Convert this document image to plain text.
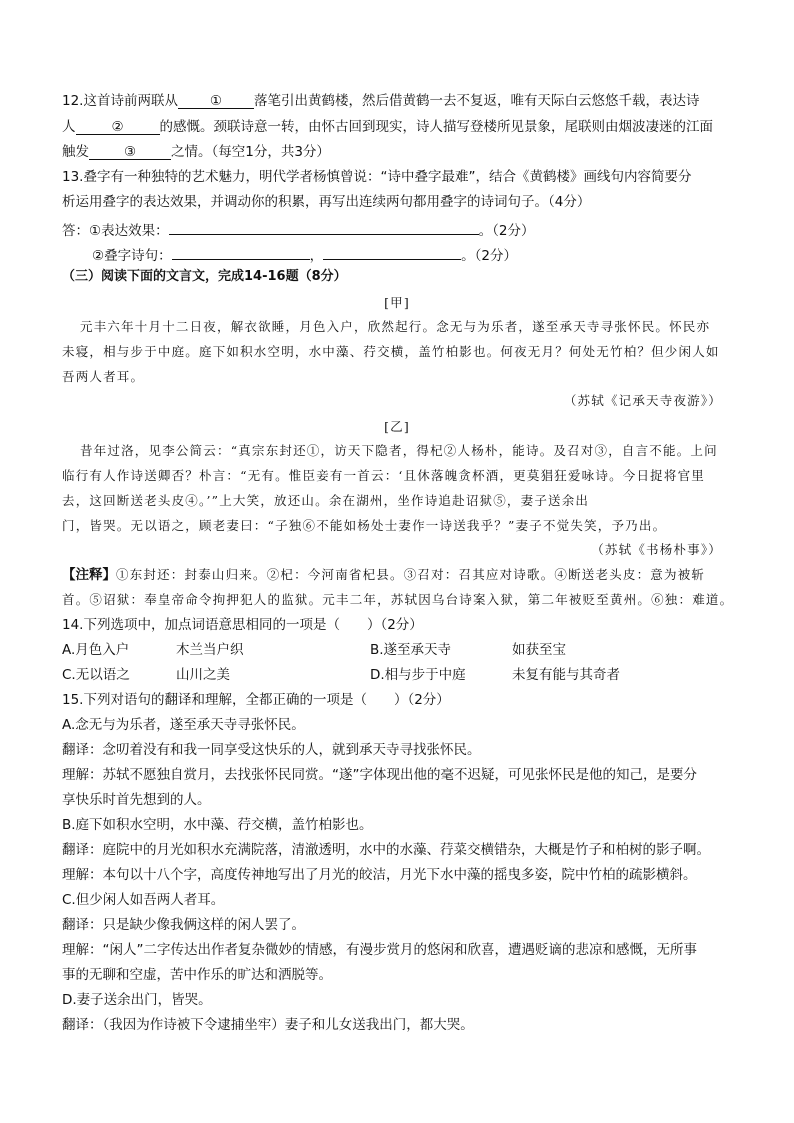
12.这首诗前两联从 ① 落笔引出黄鹤楼，然后借黄鹤一去不复返，唯有天际白云悠悠千载，表达诗
人	②	的感慨。颈联诗意一转，由怀古回到现实，诗人描写登楼所见景象，尾联则由烟波凄迷的江面
触发	③	之情。（每空1分，共3分）
13.叠字有一种独特的艺术魅力，明代学者杨慎曾说：“诗中叠字最难”，结合《黄鹤楼》画线句内容简要分
析运用叠字的表达效果，并调动你的积累，再写出连续两句都用叠字的诗词句子。（4分）
答：①表达效果：	。（2分）
②叠字诗句：	，	。（2分）
（三）阅读下面的文言文，完成14-16题（8分）
[甲]
元丰六年十月十二日夜，解衣欲睡，月色入户，欣然起行。念无与为乐者，遂至承天寺寻张怀民。怀民亦
未寝，相与步于中庭。庭下如积水空明，水中藻、荇交横，盖竹柏影也。何夜无月？何处无竹柏？但少闲人如
吾两人者耳。
（苏轼《记承天寺夜游》）
[乙]
昔年过洛，见李公简云：“真宗东封还①，访天下隐者，得杞②人杨朴，能诗。及召对③，自言不能。上问
临行有人作诗送卿否？朴言：“无有。惟臣妾有一首云：‘且休落魄贪杯酒，更莫猖狂爱咏诗。今日捉将官里
去，这回断送老头皮④。’”上大笑，放还山。余在湖州，坐作诗追赴诏狱⑤，妻子送余出
门，皆哭。无以语之，顾老妻曰：“子独⑥不能如杨处士妻作一诗送我乎？”妻子不觉失笑，予乃出。
（苏轼《书杨朴事》）
【注释】①东封还：封泰山归来。②杞：今河南省杞县。③召对：召其应对诗歌。④断送老头皮：意为被斩
首。⑤诏狱：奉皇帝命令拘押犯人的监狱。元丰二年，苏轼因乌台诗案入狱，第二年被贬至黄州。⑥独：难道。
14.下列选项中，加点词语意思相同的一项是（　　）（2分）
A.月色入户	木兰当户织	B.遂至承天寺	如获至宝
C.无以语之	山川之美	D.相与步于中庭	未复有能与其奇者
15.下列对语句的翻译和理解，全都正确的一项是（　　）（2分）
A.念无与为乐者，遂至承天寺寻张怀民。
翻译：念叨着没有和我一同享受这快乐的人，就到承天寺寻找张怀民。
理解：苏轼不愿独自赏月，去找张怀民同赏。“遂”字体现出他的毫不迟疑，可见张怀民是他的知己，是要分
享快乐时首先想到的人。
B.庭下如积水空明，水中藻、荇交横，盖竹柏影也。
翻译：庭院中的月光如积水充满院落，清澈透明，水中的水藻、荇菜交横错杂，大概是竹子和柏树的影子啊。
理解：本句以十八个字，高度传神地写出了月光的皎洁，月光下水中藻的摇曳多姿，院中竹柏的疏影横斜。
C.但少闲人如吾两人者耳。
翻译：只是缺少像我俩这样的闲人罢了。
理解：“闲人”二字传达出作者复杂微妙的情感，有漫步赏月的悠闲和欣喜，遭遇贬谪的悲凉和感慨，无所事
事的无聊和空虚，苦中作乐的旷达和洒脱等。
D.妻子送余出门，皆哭。
翻译：（我因为作诗被下令逮捕坐牢）妻子和儿女送我出门，都大哭。
